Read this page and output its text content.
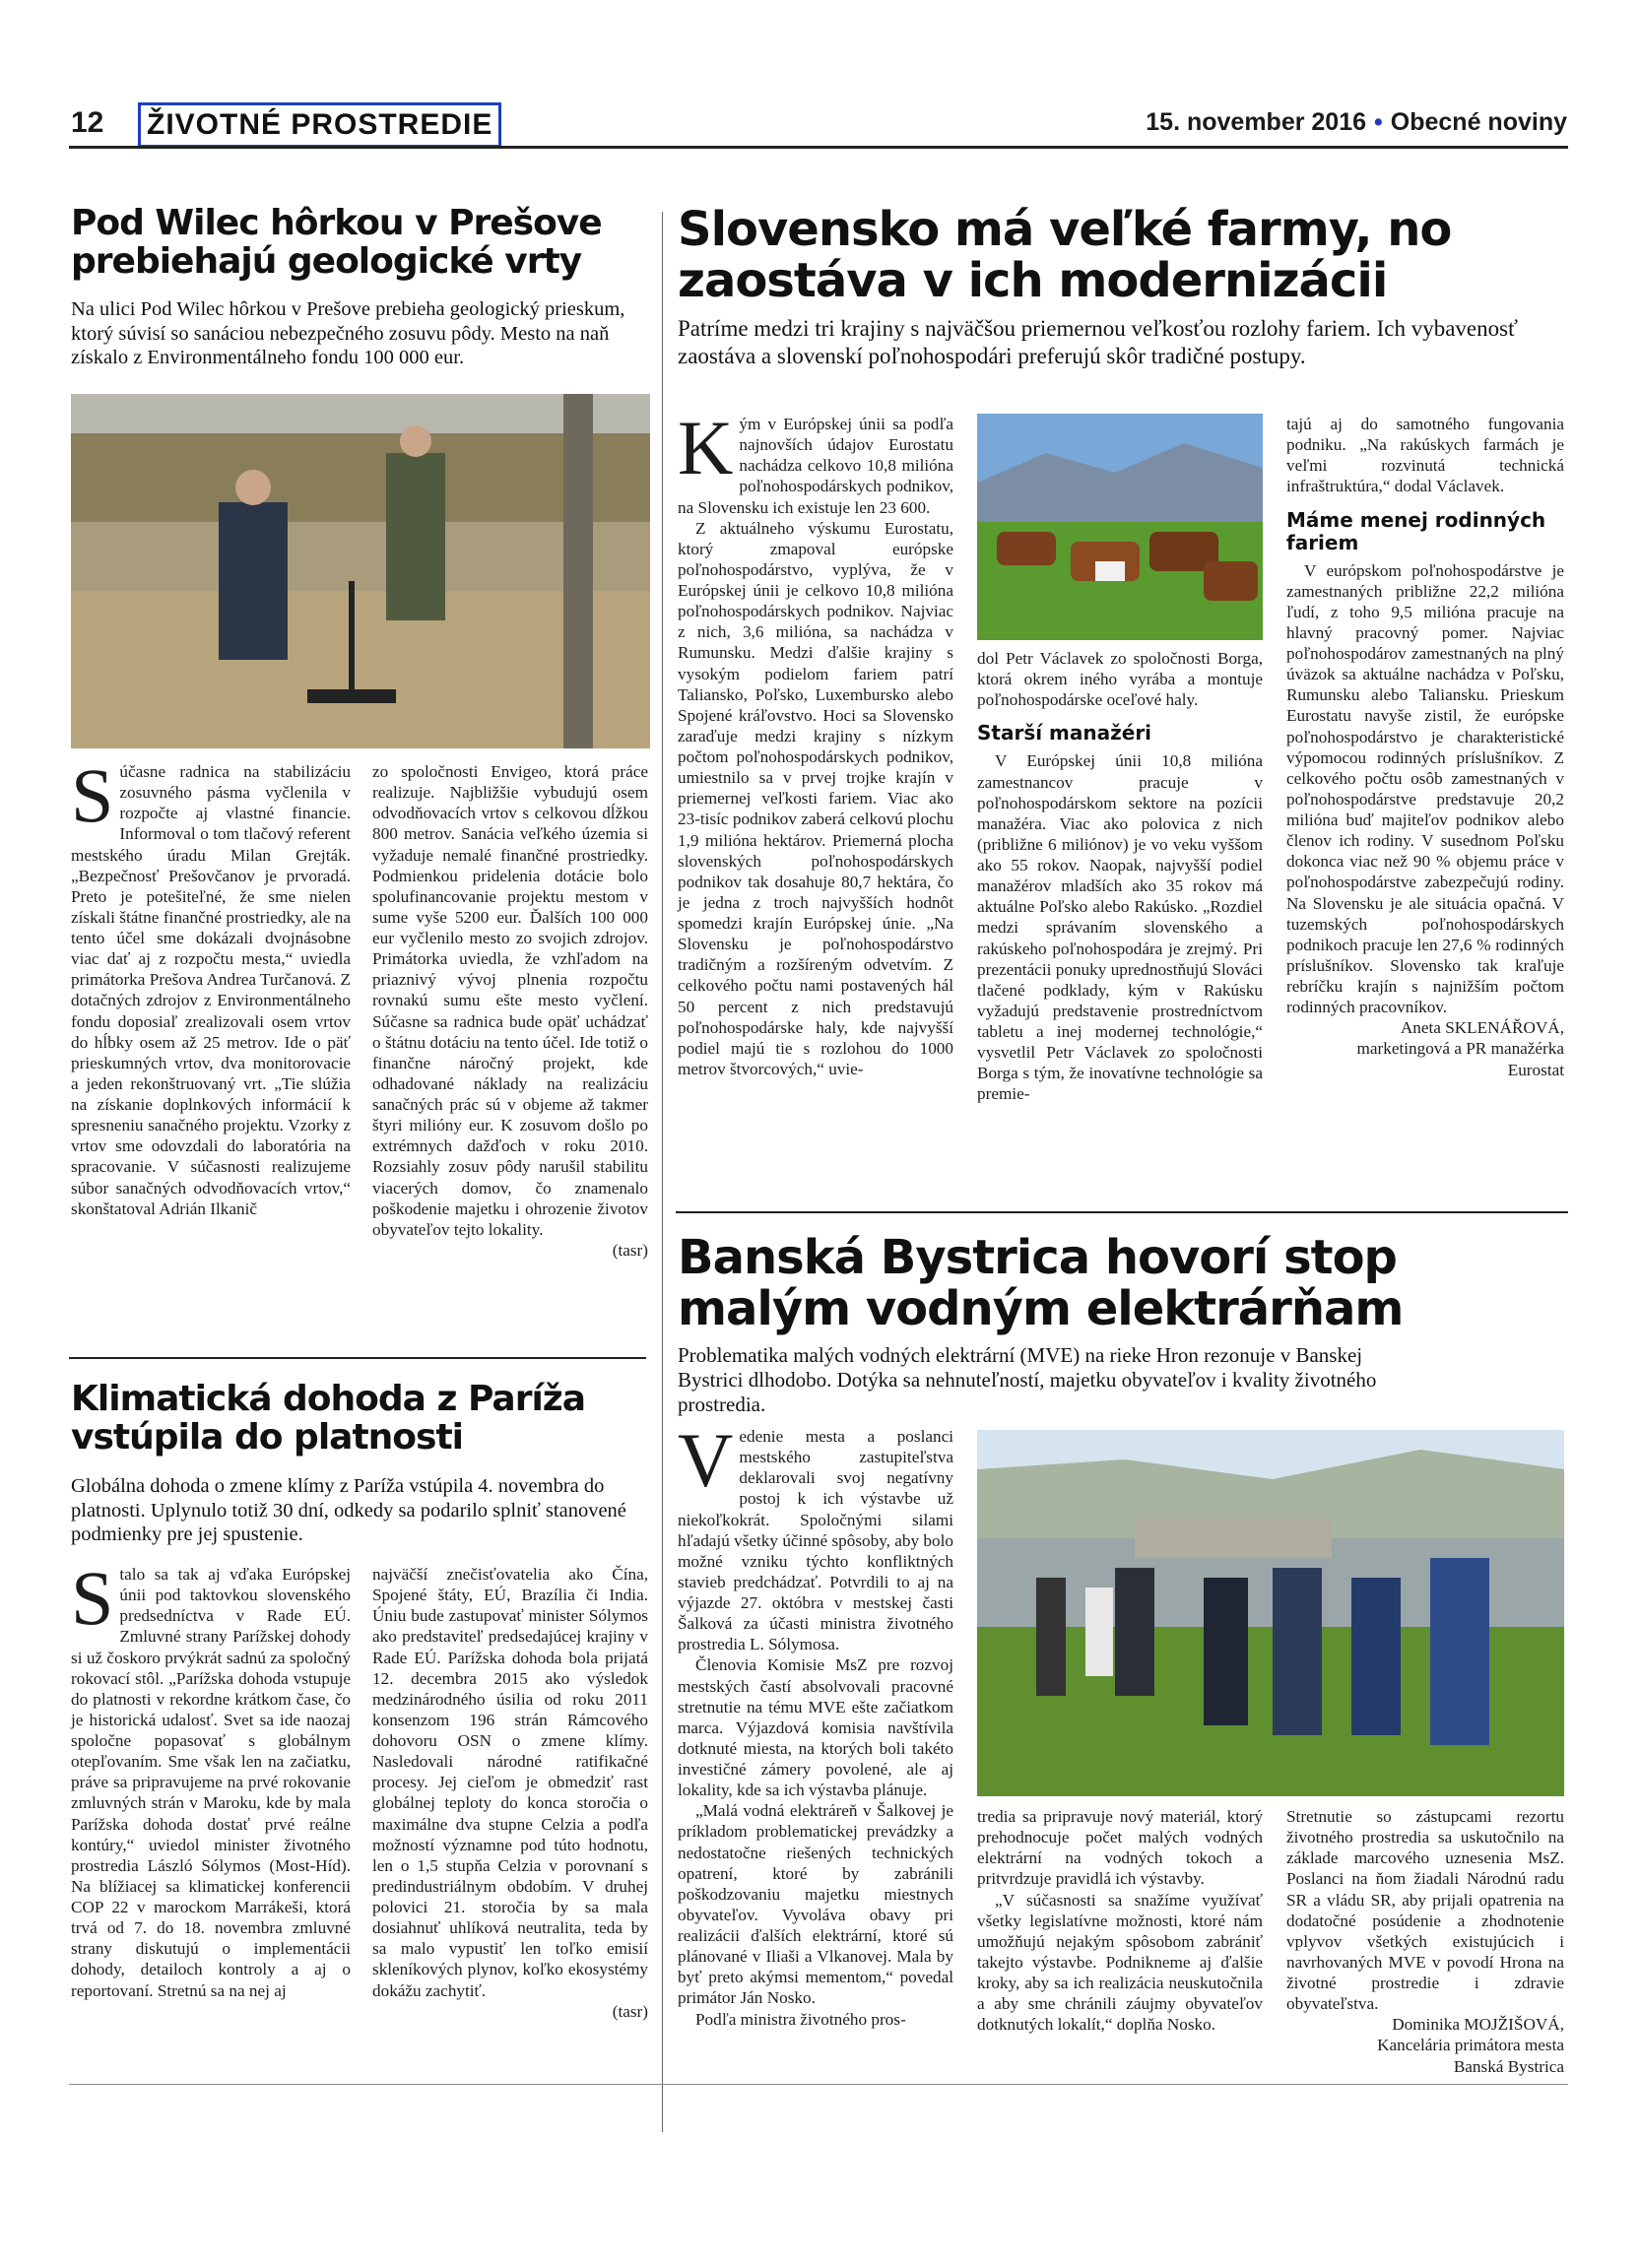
12	ŽIVOTNÉ PROSTREDIE	15. november 2016 • Obecné noviny
Pod Wilec hôrkou v Prešove prebiehajú geologické vrty
Na ulici Pod Wilec hôrkou v Prešove prebieha geologický prieskum, ktorý súvisí so sanáciou nebezpečného zosuvu pôdy. Mesto na naň získalo z Environmentálneho fondu 100 000 eur.

Súčasne radnica na stabilizáciu zosuvného pásma vyčlenila v rozpočte aj vlastné financie. Informoval o tom tlačový referent mestského úradu Milan Grejták. „Bezpečnosť Prešovčanov je prvoradá. Preto je potešiteľné, že sme nielen získali štátne finančné prostriedky, ale na tento účel sme dokázali dvojnásobne viac dať aj z rozpočtu mesta,“ uviedla primátorka Prešova Andrea Turčanová. Z dotačných zdrojov z Environmentálneho fondu doposiaľ zrealizovali osem vrtov do hĺbky osem až 25 metrov. Ide o päť prieskumných vrtov, dva monitorovacie a jeden rekonštruovaný vrt. „Tie slúžia na získanie doplnkových informácií k spresneniu sanačného projektu. Vzorky z vrtov sme odovzdali do laboratória na spracovanie. V súčasnosti realizujeme súbor sanačných odvodňovacích vrtov,“ skonštatoval Adrián Ilkanič

zo spoločnosti Envigeo, ktorá práce realizuje. Najbližšie vybudujú osem odvodňovacích vrtov s celkovou dĺžkou 800 metrov. Sanácia veľkého územia si vyžaduje nemalé finančné prostriedky. Podmienkou pridelenia dotácie bolo spolufinancovanie projektu mestom v sume vyše 5200 eur. Ďalších 100 000 eur vyčlenilo mesto zo svojich zdrojov. Primátorka uviedla, že vzhľadom na priaznivý vývoj plnenia rozpočtu rovnakú sumu ešte mesto vyčlení. Súčasne sa radnica bude opäť uchádzať o štátnu dotáciu na tento účel. Ide totiž o finančne náročný projekt, kde odhadované náklady na realizáciu sanačných prác sú v objeme až takmer štyri milióny eur. K zosuvom došlo po extrémnych dažďoch v roku 2010. Rozsiahly zosuv pôdy narušil stabilitu viacerých domov, čo znamenalo poškodenie majetku i ohrozenie životov obyvateľov tejto lokality.

(tasr)

Klimatická dohoda z Paríža vstúpila do platnosti
Globálna dohoda o zmene klímy z Paríža vstúpila 4. novembra do platnosti. Uplynulo totiž 30 dní, odkedy sa podarilo splniť stanovené podmienky pre jej spustenie.

Stalo sa tak aj vďaka Európskej únii pod taktovkou slovenského predsedníctva v Rade EÚ. Zmluvné strany Parížskej dohody si už čoskoro prvýkrát sadnú za spoločný rokovací stôl. „Parížska dohoda vstupuje do platnosti v rekordne krátkom čase, čo je historická udalosť. Svet sa ide naozaj spoločne popasovať s globálnym otepľovaním. Sme však len na začiatku, práve sa pripravujeme na prvé rokovanie zmluvných strán v Maroku, kde by mala Parížska dohoda dostať prvé reálne kontúry,“ uviedol minister životného prostredia László Sólymos (Most-Híd). Na blížiacej sa klimatickej konferencii COP 22 v marockom Marrákeši, ktorá trvá od 7. do 18. novembra zmluvné strany diskutujú o implementácii dohody, detailoch kontroly a aj o reportovaní. Stretnú sa na nej aj

najväčší znečisťovatelia ako Čína, Spojené štáty, EÚ, Brazília či India. Úniu bude zastupovať minister Sólymos ako predstaviteľ predsedajúcej krajiny v Rade EÚ. Parížska dohoda bola prijatá 12. decembra 2015 ako výsledok medzinárodného úsilia od roku 2011 konsenzom 196 strán Rámcového dohovoru OSN o zmene klímy. Nasledovali národné ratifikačné procesy. Jej cieľom je obmedziť rast globálnej teploty do konca storočia o maximálne dva stupne Celzia a podľa možností významne pod túto hodnotu, len o 1,5 stupňa Celzia v porovnaní s predindustriálnym obdobím. V druhej polovici 21. storočia by sa mala dosiahnuť uhlíková neutralita, teda by sa malo vypustiť len toľko emisií skleníkových plynov, koľko ekosystémy dokážu zachytiť.

(tasr)

Slovensko má veľké farmy, no zaostáva v ich modernizácii
Patríme medzi tri krajiny s najväčšou priemernou veľkosťou rozlohy fariem. Ich vybavenosť zaostáva a slovenskí poľnohospodári preferujú skôr tradičné postupy.

Kým v Európskej únii sa podľa najnovších údajov Eurostatu nachádza celkovo 10,8 milióna poľnohospodárskych podnikov, na Slovensku ich existuje len 23 600.

Z aktuálneho výskumu Eurostatu, ktorý zmapoval európske poľnohospodárstvo, vyplýva, že v Európskej únii je celkovo 10,8 milióna poľnohospodárskych podnikov. Najviac z nich, 3,6 milióna, sa nachádza v Rumunsku. Medzi ďalšie krajiny s vysokým podielom fariem patrí Taliansko, Poľsko, Luxembursko alebo Spojené kráľovstvo. Hoci sa Slovensko zaraďuje medzi krajiny s nízkym počtom poľnohospodárskych podnikov, umiestnilo sa v prvej trojke krajín v priemernej veľkosti fariem. Viac ako 23-tisíc podnikov zaberá celkovú plochu 1,9 milióna hektárov. Priemerná plocha slovenských poľnohospodárskych podnikov tak dosahuje 80,7 hektára, čo je jedna z troch najvyšších hodnôt spomedzi krajín Európskej únie. „Na Slovensku je poľnohospodárstvo tradičným a rozšíreným odvetvím. Z celkového počtu nami postavených hál 50 percent z nich predstavujú poľnohospodárske haly, kde najvyšší podiel majú tie s rozlohou do 1000 metrov štvorcových,“ uvie-

dol Petr Václavek zo spoločnosti Borga, ktorá okrem iného vyrába a montuje poľnohospodárske oceľové haly.

Starší manažéri

V Európskej únii 10,8 milióna zamestnancov pracuje v poľnohospodárskom sektore na pozícii manažéra. Viac ako polovica z nich (približne 6 miliónov) je vo veku vyššom ako 55 rokov. Naopak, najvyšší podiel manažérov mladších ako 35 rokov má aktuálne Poľsko alebo Rakúsko. „Rozdiel medzi správaním slovenského a rakúskeho poľnohospodára je zrejmý. Pri prezentácii ponuky uprednostňujú Slováci tlačené podklady, kým v Rakúsku vyžadujú predstavenie prostredníctvom tabletu a inej modernej technológie,“ vysvetlil Petr Václavek zo spoločnosti Borga s tým, že inovatívne technológie sa premie-

tajú aj do samotného fungovania podniku. „Na rakúskych farmách je veľmi rozvinutá technická infraštruktúra,“ dodal Václavek.

Máme menej rodinných fariem

V európskom poľnohospodárstve je zamestnaných približne 22,2 milióna ľudí, z toho 9,5 milióna pracuje na hlavný pracovný pomer. Najviac poľnohospodárov zamestnaných na plný úväzok sa aktuálne nachádza v Poľsku, Rumunsku alebo Taliansku. Prieskum Eurostatu navyše zistil, že európske poľnohospodárstvo je charakteristické výpomocou rodinných príslušníkov. Z celkového počtu osôb zamestnaných v poľnohospodárstve predstavuje 20,2 milióna buď majiteľov podnikov alebo členov ich rodiny. V susednom Poľsku dokonca viac než 90 % objemu práce v poľnohospodárstve zabezpečujú rodiny. Na Slovensku je ale situácia opačná. V tuzemských poľnohospodárskych podnikoch pracuje len 27,6 % rodinných príslušníkov. Slovensko tak kraľuje rebríčku krajín s najnižším počtom rodinných pracovníkov.

Aneta SKLENÁŘOVÁ,

marketingová a PR manažérka

Eurostat

Banská Bystrica hovorí stop malým vodným elektrárňam
Problematika malých vodných elektrární (MVE) na rieke Hron rezonuje v Banskej Bystrici dlhodobo. Dotýka sa nehnuteľností, majetku obyvateľov i kvality životného prostredia.

Vedenie mesta a poslanci mestského zastupiteľstva deklarovali svoj negatívny postoj k ich výstavbe už niekoľkokrát. Spoločnými silami hľadajú všetky účinné spôsoby, aby bolo možné vzniku týchto konfliktných stavieb predchádzať. Potvrdili to aj na výjazde 27. októbra v mestskej časti Šalková za účasti ministra životného prostredia L. Sólymosa.

Členovia Komisie MsZ pre rozvoj mestských častí absolvovali pracovné stretnutie na tému MVE ešte začiatkom marca. Výjazdová komisia navštívila dotknuté miesta, na ktorých boli takéto investičné zámery povolené, ale aj lokality, kde sa ich výstavba plánuje.

„Malá vodná elektráreň v Šalkovej je príkladom problematickej prevádzky a nedostatočne riešených technických opatrení, ktoré by zabránili poškodzovaniu majetku miestnych obyvateľov. Vyvoláva obavy pri realizácii ďalších elektrární, ktoré sú plánované v Iliaši a Vlkanovej. Mala by byť preto akýmsi mementom,“ povedal primátor Ján Nosko.

Podľa ministra životného pros-

tredia sa pripravuje nový materiál, ktorý prehodnocuje počet malých vodných elektrární na vodných tokoch a pritvrdzuje pravidlá ich výstavby.

„V súčasnosti sa snažíme využívať všetky legislatívne možnosti, ktoré nám umožňujú nejakým spôsobom zabrániť takejto výstavbe. Podnikneme aj ďalšie kroky, aby sa ich realizácia neuskutočnila a aby sme chránili záujmy obyvateľov dotknutých lokalít,“ doplňa Nosko.

Stretnutie so zástupcami rezortu životného prostredia sa uskutočnilo na základe marcového uznesenia MsZ. Poslanci na ňom žiadali Národnú radu SR a vládu SR, aby prijali opatrenia na dodatočné posúdenie a zhodnotenie vplyvov všetkých existujúcich i navrhovaných MVE v povodí Hrona na životné prostredie i zdravie obyvateľstva.

Dominika MOJŽIŠOVÁ,

Kancelária primátora mesta

Banská Bystrica
